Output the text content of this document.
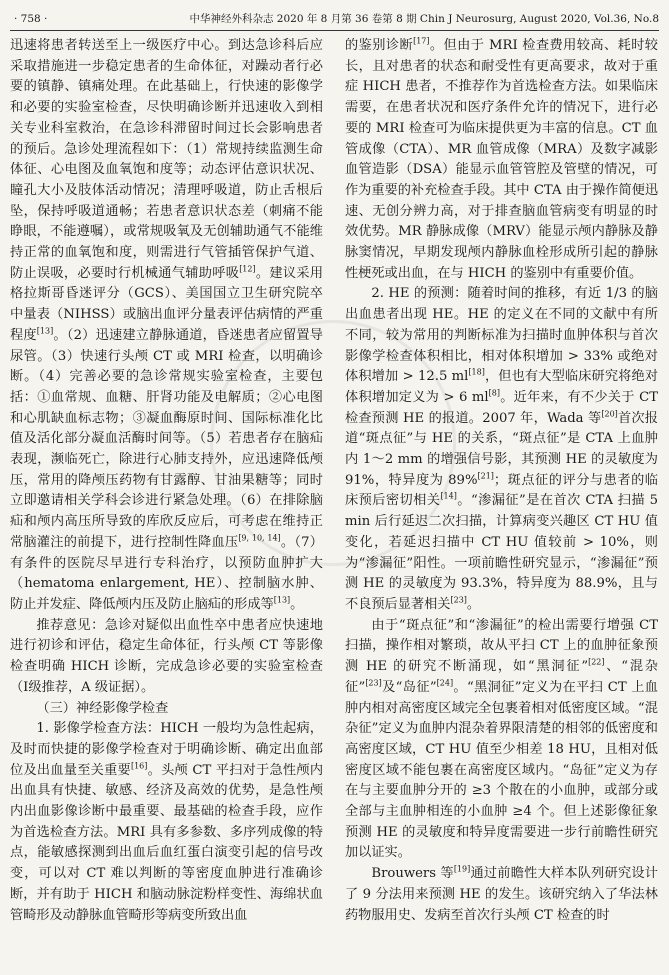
· 758 ·	中华神经外科杂志 2020 年 8 月第 36 卷第 8 期 Chin J Neurosurg, August 2020, Vol.36, No.8

迅速将患者转送至上一级医疗中心。到达急诊科后应采取措施进一步稳定患者的生命体征，对躁动者行必要的镇静、镇痛处理。在此基础上，行快速的影像学和必要的实验室检查，尽快明确诊断并迅速收入到相关专业科室救治，在急诊科滞留时间过长会影响患者的预后。急诊处理流程如下：（1）常规持续监测生命体征、心电图及血氧饱和度等；动态评估意识状况、瞳孔大小及肢体活动情况；清理呼吸道，防止舌根后坠，保持呼吸道通畅；若患者意识状态差（刺痛不能睁眼，不能遵嘱），或常规吸氧及无创辅助通气不能维持正常的血氧饱和度，则需进行气管插管保护气道、防止误吸，必要时行机械通气辅助呼吸[12]。建议采用格拉斯哥昏迷评分（GCS）、美国国立卫生研究院卒中量表（NIHSS）或脑出血评分量表评估病情的严重程度[13]。（2）迅速建立静脉通道，昏迷患者应留置导尿管。（3）快速行头颅 CT 或 MRI 检查，以明确诊断。（4）完善必要的急诊常规实验室检查，主要包括：①血常规、血糖、肝肾功能及电解质；②心电图和心肌缺血标志物；③凝血酶原时间、国际标准化比值及活化部分凝血活酶时间等。（5）若患者存在脑疝表现，濒临死亡，除进行心肺支持外，应迅速降低颅压，常用的降颅压药物有甘露醇、甘油果糖等；同时立即邀请相关学科会诊进行紧急处理。（6）在排除脑疝和颅内高压所导致的库欣反应后，可考虑在维持正常脑灌注的前提下，进行控制性降血压[9, 10, 14]。（7）有条件的医院尽早进行专科治疗，以预防血肿扩大（hematoma enlargement, HE）、控制脑水肿、防止并发症、降低颅内压及防止脑疝的形成等[13]。

推荐意见：急诊对疑似出血性卒中患者应快速地进行初诊和评估，稳定生命体征，行头颅 CT 等影像检查明确 HICH 诊断，完成急诊必要的实验室检查（Ⅰ级推荐，A 级证据）。

（三）神经影像学检查

1. 影像学检查方法：HICH 一般均为急性起病，及时而快捷的影像学检查对于明确诊断、确定出血部位及出血量至关重要[16]。头颅 CT 平扫对于急性颅内出血具有快捷、敏感、经济及高效的优势，是急性颅内出血影像诊断中最重要、最基础的检查手段，应作为首选检查方法。MRI 具有多参数、多序列成像的特点，能敏感探测到出血后血红蛋白演变引起的信号改变，可以对 CT 难以判断的等密度血肿进行准确诊断，并有助于 HICH 和脑动脉淀粉样变性、海绵状血管畸形及动静脉血管畸形等病变所致出血

的鉴别诊断[17]。但由于 MRI 检查费用较高、耗时较长，且对患者的状态和耐受性有更高要求，故对于重症 HICH 患者，不推荐作为首选检查方法。如果临床需要，在患者状况和医疗条件允许的情况下，进行必要的 MRI 检查可为临床提供更为丰富的信息。CT 血管成像（CTA）、MR 血管成像（MRA）及数字减影血管造影（DSA）能显示血管管腔及管壁的情况，可作为重要的补充检查手段。其中 CTA 由于操作简便迅速、无创分辨力高，对于排查脑血管病变有明显的时效优势。MR 静脉成像（MRV）能显示颅内静脉及静脉窦情况，早期发现颅内静脉血栓形成所引起的静脉性梗死或出血，在与 HICH 的鉴别中有重要价值。

2. HE 的预测：随着时间的推移，有近 1/3 的脑出血患者出现 HE。HE 的定义在不同的文献中有所不同，较为常用的判断标准为扫描时血肿体积与首次影像学检查体积相比，相对体积增加 > 33% 或绝对体积增加 > 12.5 ml[18]，但也有大型临床研究将绝对体积增加定义为 > 6 ml[8]。近年来，有不少关于 CT 检查预测 HE 的报道。2007 年，Wada 等[20]首次报道“斑点征”与 HE 的关系，“斑点征”是 CTA 上血肿内 1～2 mm 的增强信号影，其预测 HE 的灵敏度为 91%，特异度为 89%[21]；斑点征的评分与患者的临床预后密切相关[14]。“渗漏征”是在首次 CTA 扫描 5 min 后行延迟二次扫描，计算病变兴趣区 CT HU 值变化，若延迟扫描中 CT HU 值较前 > 10%，则为“渗漏征”阳性。一项前瞻性研究显示，“渗漏征”预测 HE 的灵敏度为 93.3%，特异度为 88.9%，且与不良预后显著相关[23]。

由于“斑点征”和“渗漏征”的检出需要行增强 CT 扫描，操作相对繁琐，故从平扫 CT 上的血肿征象预测 HE 的研究不断涌现，如“黑洞征”[22]、“混杂征”[23]及“岛征”[24]。“黑洞征”定义为在平扫 CT 上血肿内相对高密度区域完全包裹着相对低密度区域。“混杂征”定义为血肿内混杂着界限清楚的相邻的低密度和高密度区域，CT HU 值至少相差 18 HU，且相对低密度区域不能包裹在高密度区域内。“岛征”定义为存在与主要血肿分开的 ≥3 个散在的小血肿，或部分或全部与主血肿相连的小血肿 ≥4 个。但上述影像征象预测 HE 的灵敏度和特异度需要进一步行前瞻性研究加以证实。

Brouwers 等[19]通过前瞻性大样本队列研究设计了 9 分法用来预测 HE 的发生。该研究纳入了华法林药物服用史、发病至首次行头颅 CT 检查的时
